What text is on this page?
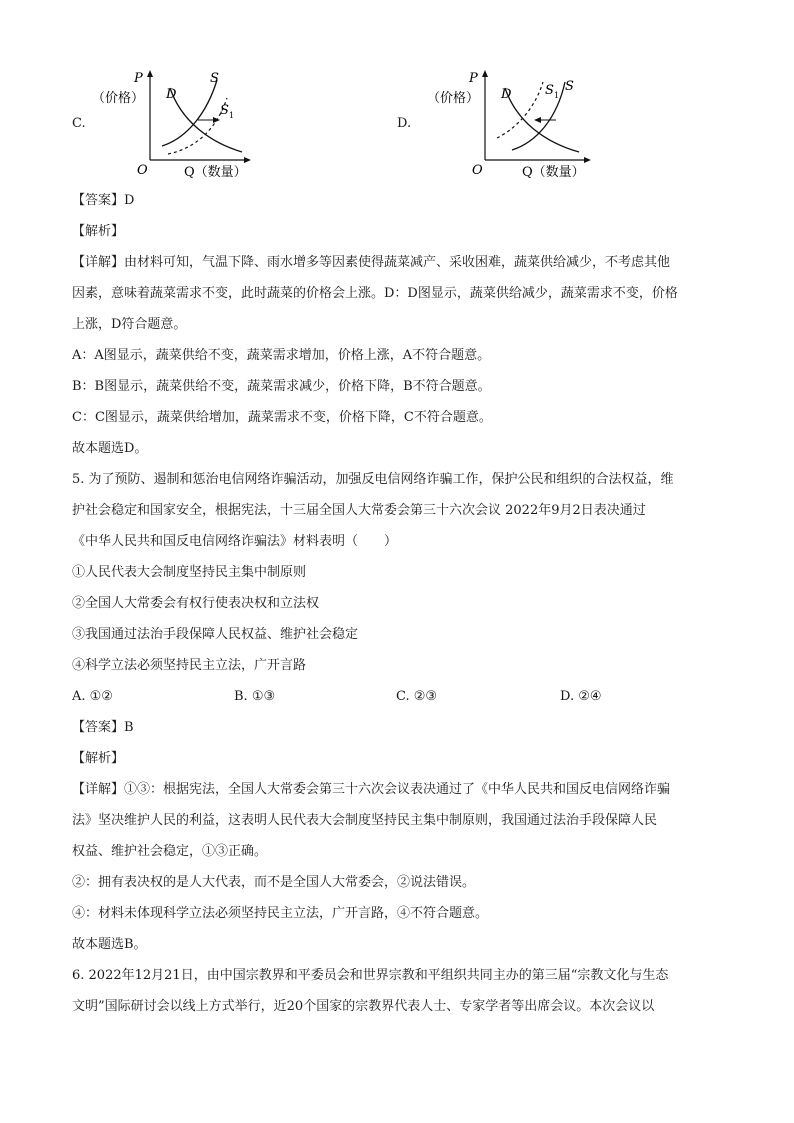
C.
P
（价格）
O	Q（数量）
D
S
S 1
D.
P
（价格）
O	Q（数量）
D	S 1
S
【答案】D
【解析】
【详解】由材料可知，气温下降、雨水增多等因素使得蔬菜减产、采收困难，蔬菜供给减少，不考虑其他
因素，意味着蔬菜需求不变，此时蔬菜的价格会上涨。D：D图显示，蔬菜供给减少，蔬菜需求不变，价格
上涨，D符合题意。
A：A图显示，蔬菜供给不变，蔬菜需求增加，价格上涨，A不符合题意。
B：B图显示，蔬菜供给不变，蔬菜需求减少，价格下降，B不符合题意。
C：C图显示，蔬菜供给增加，蔬菜需求不变，价格下降，C不符合题意。
故本题选D。
5. 为了预防、遏制和惩治电信网络诈骗活动，加强反电信网络诈骗工作，保护公民和组织的合法权益，维
护社会稳定和国家安全，根据宪法，十三届全国人大常委会第三十六次会议 2022年9月2日表决通过
《中华人民共和国反电信网络诈骗法》材料表明（　　）
①人民代表大会制度坚持民主集中制原则
②全国人大常委会有权行使表决权和立法权
③我国通过法治手段保障人民权益、维护社会稳定
④科学立法必须坚持民主立法，广开言路
A. ①②	B. ①③	C. ②③	D. ②④
【答案】B
【解析】
【详解】①③：根据宪法，全国人大常委会第三十六次会议表决通过了《中华人民共和国反电信网络诈骗
法》坚决维护人民的利益，这表明人民代表大会制度坚持民主集中制原则，我国通过法治手段保障人民
权益、维护社会稳定，①③正确。
②：拥有表决权的是人大代表，而不是全国人大常委会，②说法错误。
④：材料未体现科学立法必须坚持民主立法，广开言路，④不符合题意。
故本题选B。
6. 2022年12月21日，由中国宗教界和平委员会和世界宗教和平组织共同主办的第三届“宗教文化与生态
文明”国际研讨会以线上方式举行，近20个国家的宗教界代表人士、专家学者等出席会议。本次会议以
